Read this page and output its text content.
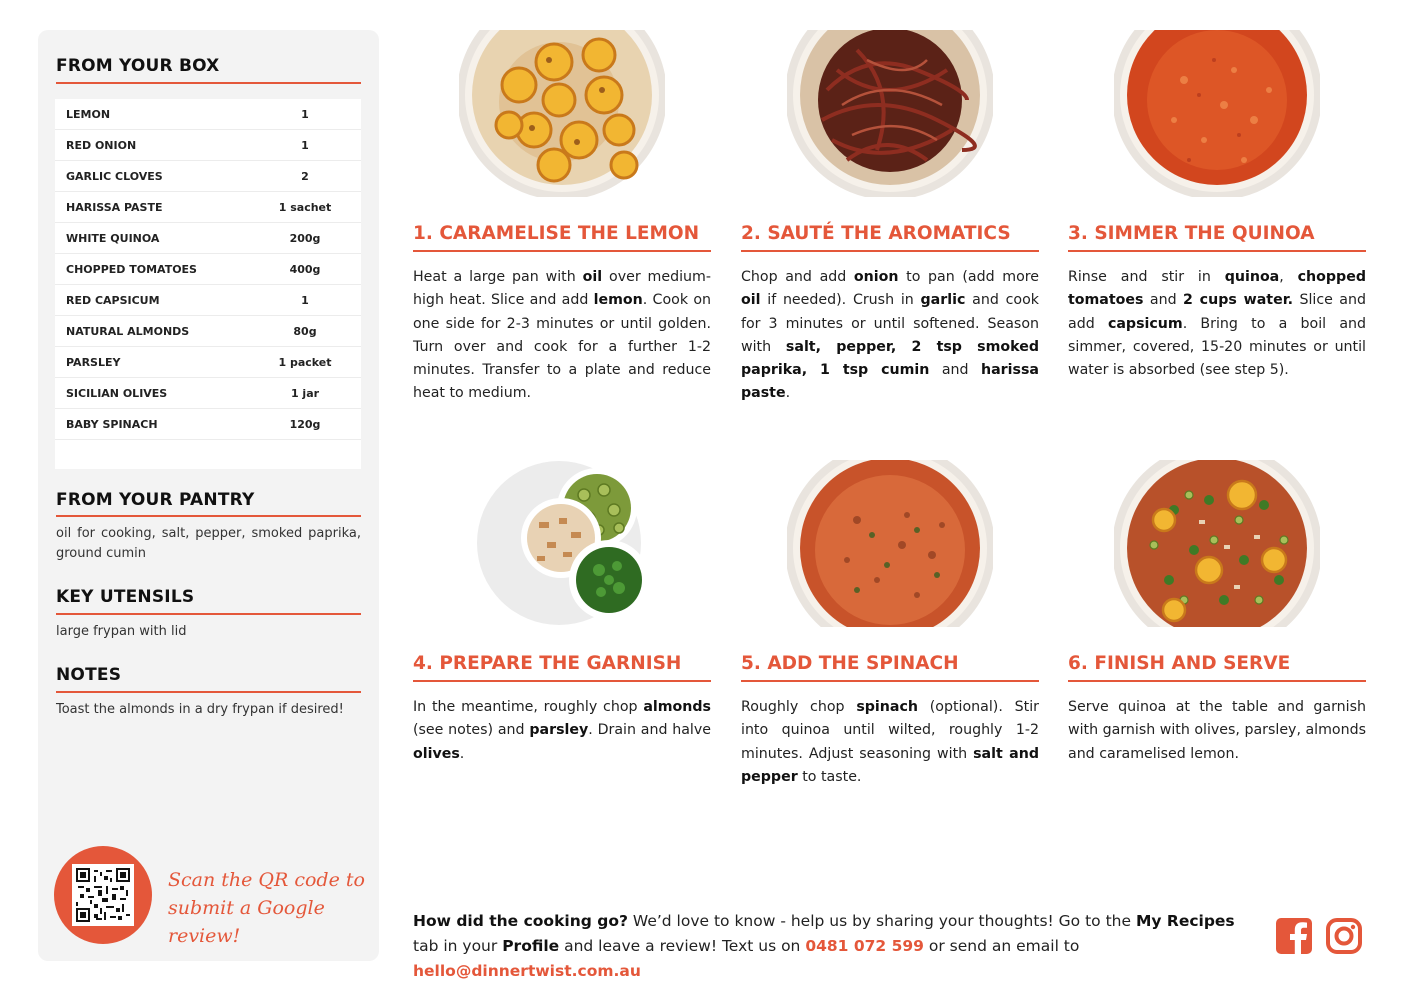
FROM YOUR BOX
LEMON	1
RED ONION	1
GARLIC CLOVES	2
HARISSA PASTE	1 sachet
WHITE QUINOA	200g
CHOPPED TOMATOES	400g
RED CAPSICUM	1
NATURAL ALMONDS	80g
PARSLEY	1 packet
SICILIAN OLIVES	1 jar
BABY SPINACH	120g
FROM YOUR PANTRY
oil for cooking, salt, pepper, smoked paprika, ground cumin
KEY UTENSILS
large frypan with lid
NOTES
Toast the almonds in a dry frypan if desired!
Scan the QR code to
submit a Google review!
1. CARAMELISE THE LEMON
Heat a large pan with oil over medium-high heat. Slice and add lemon. Cook on one side for 2-3 minutes or until golden. Turn over and cook for a further 1-2 minutes. Transfer to a plate and reduce heat to medium.
2. SAUTÉ THE AROMATICS
Chop and add onion to pan (add more oil if needed). Crush in garlic and cook for 3 minutes or until softened. Season with salt, pepper, 2 tsp smoked paprika, 1 tsp cumin and harissa paste.
3. SIMMER THE QUINOA
Rinse and stir in quinoa, chopped tomatoes and 2 cups water. Slice and add capsicum. Bring to a boil and simmer, covered, 15-20 minutes or until water is absorbed (see step 5).
4. PREPARE THE GARNISH
In the meantime, roughly chop almonds (see notes) and parsley. Drain and halve olives.
5. ADD THE SPINACH
Roughly chop spinach (optional). Stir into quinoa until wilted, roughly 1-2 minutes. Adjust seasoning with salt and pepper to taste.
6. FINISH AND SERVE
Serve quinoa at the table and garnish with garnish with olives, parsley, almonds and caramelised lemon.
How did the cooking go? We’d love to know - help us by sharing your thoughts! Go to the My Recipes tab in your Profile and leave a review! Text us on 0481 072 599 or send an email to hello@dinnertwist.com.au
